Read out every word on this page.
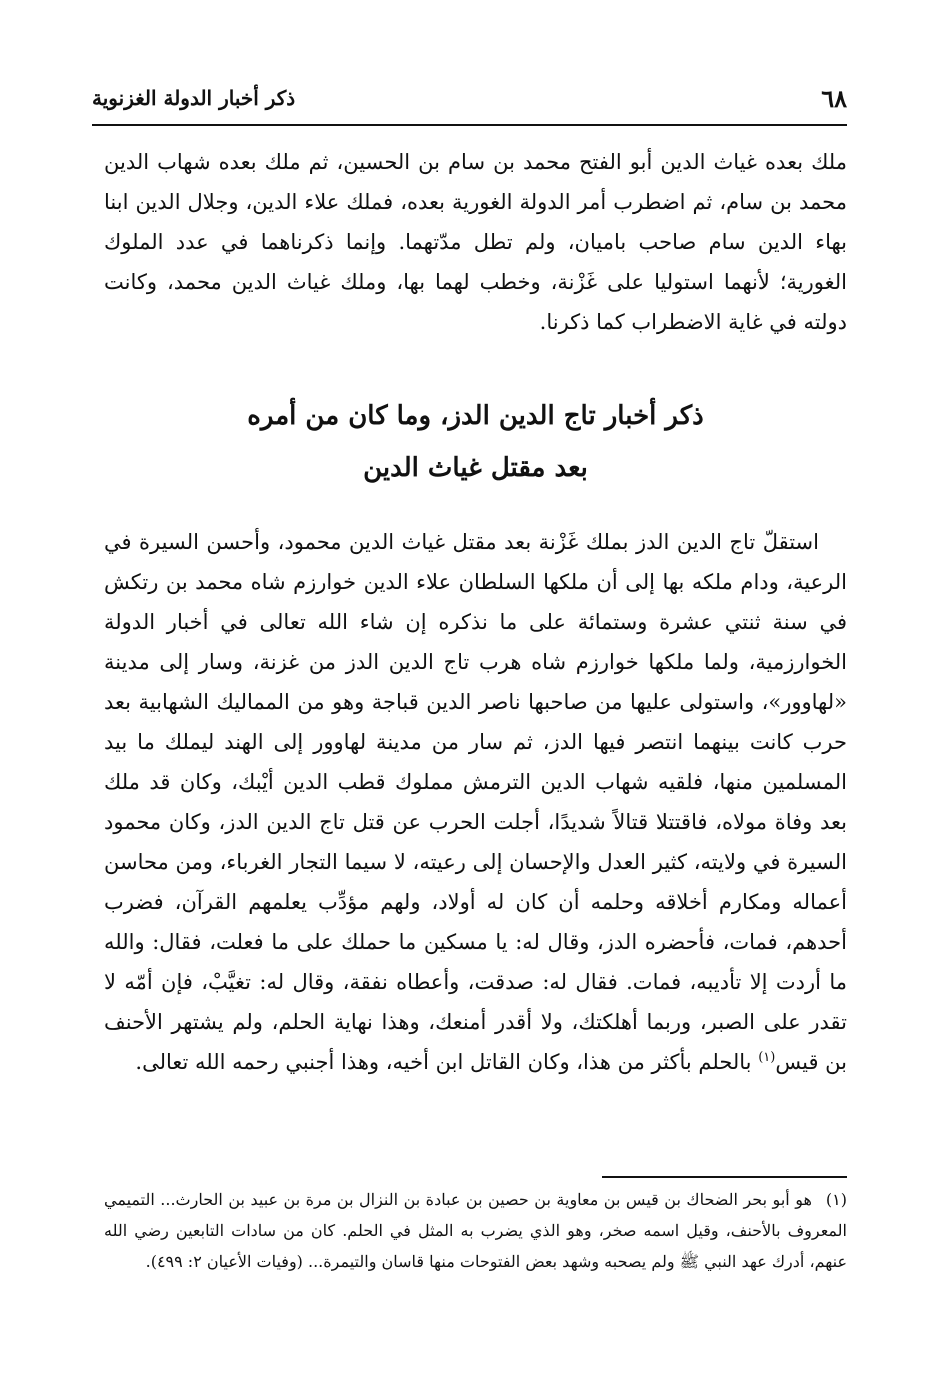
٦٨
ذكر أخبار الدولة الغزنوية
ملك بعده غياث الدين أبو الفتح محمد بن سام بن الحسين، ثم ملك بعده شهاب الدين محمد بن سام، ثم اضطرب أمر الدولة الغورية بعده، فملك علاء الدين، وجلال الدين ابنا بهاء الدين سام صاحب باميان، ولم تطل مدّتهما. وإنما ذكرناهما في عدد الملوك الغورية؛ لأنهما استوليا على غَزْنة، وخطب لهما بها، وملك غياث الدين محمد، وكانت دولته في غاية الاضطراب كما ذكرنا.
ذكر أخبار تاج الدين الدز، وما كان من أمره
بعد مقتل غياث الدين
استقلّ تاج الدين الدز بملك غَزْنة بعد مقتل غياث الدين محمود، وأحسن السيرة في الرعية، ودام ملكه بها إلى أن ملكها السلطان علاء الدين خوارزم شاه محمد بن رتكش في سنة ثنتي عشرة وستمائة على ما نذكره إن شاء الله تعالى في أخبار الدولة الخوارزمية، ولما ملكها خوارزم شاه هرب تاج الدين الدز من غزنة، وسار إلى مدينة «لهاوور»، واستولى عليها من صاحبها ناصر الدين قباجة وهو من المماليك الشهابية بعد حرب كانت بينهما انتصر فيها الدز، ثم سار من مدينة لهاوور إلى الهند ليملك ما بيد المسلمين منها، فلقيه شهاب الدين الترمش مملوك قطب الدين أيْبك، وكان قد ملك بعد وفاة مولاه، فاقتتلا قتالاً شديدًا، أجلت الحرب عن قتل تاج الدين الدز، وكان محمود السيرة في ولايته، كثير العدل والإحسان إلى رعيته، لا سيما التجار الغرباء، ومن محاسن أعماله ومكارم أخلاقه وحلمه أن كان له أولاد، ولهم مؤدِّب يعلمهم القرآن، فضرب أحدهم، فمات، فأحضره الدز، وقال له: يا مسكين ما حملك على ما فعلت، فقال: والله ما أردت إلا تأديبه، فمات. فقال له: صدقت، وأعطاه نفقة، وقال له: تغيَّبْ، فإن أمّه لا تقدر على الصبر، وربما أهلكتك، ولا أقدر أمنعك، وهذا نهاية الحلم، ولم يشتهر الأحنف بن قيس$^{(١)}$ بالحلم بأكثر من هذا، وكان القاتل ابن أخيه، وهذا أجنبي رحمه الله تعالى.
(١)هو أبو بحر الضحاك بن قيس بن معاوية بن حصين بن عبادة بن النزال بن مرة بن عبيد بن الحارث... التميمي المعروف بالأحنف، وقيل اسمه صخر، وهو الذي يضرب به المثل في الحلم. كان من سادات التابعين رضي الله عنهم، أدرك عهد النبي ﷺ ولم يصحبه وشهد بعض الفتوحات منها قاسان والتيمرة... (وفيات الأعيان ٢: ٤٩٩).
